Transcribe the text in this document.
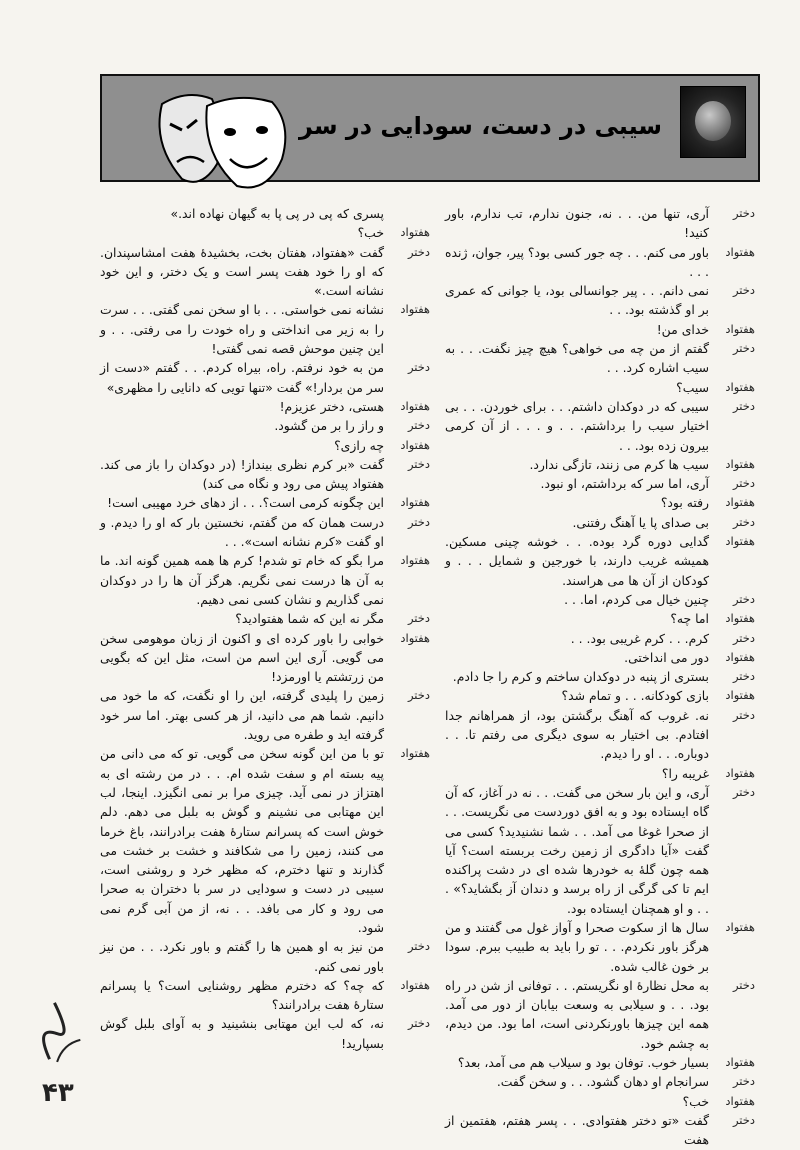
سیبی در دست، سودایی در سر
دختر
آری، تنها من. . . نه، جنون ندارم، تب ندارم، باور کنید!
هفتواد
باور می کنم. . . چه جور کسی بود؟ پیر، جوان، ژنده . . .
دختر
نمی دانم. . . پیر جوانسالی بود، یا جوانی که عمری بر او گذشته بود. . .
هفتواد
خدای من!
دختر
گفتم از من چه می خواهی؟ هیچ چیز نگفت. . . به سیب اشاره کرد. . .
هفتواد
سیب؟
دختر
سیبی که در دوکدان داشتم. . . برای خوردن. . . بی اختیار سیب را برداشتم. . . و . . . از آن کرمی بیرون زده بود. . .
هفتواد
سیب ها کرم می زنند، تازگی ندارد.
دختر
آری، اما سر که برداشتم، او نبود.
هفتواد
رفته بود؟
دختر
بی صدای پا یا آهنگ رفتنی.
هفتواد
گدایی دوره گرد بوده. . . خوشه چینی مسکین. همیشه غریب دارند، با خورجین و شمایل . . . و کودکان از آن ها می هراسند.
دختر
چنین خیال می کردم، اما. . .
هفتواد
اما چه؟
دختر
کرم. . . کرم غریبی بود. . .
هفتواد
دور می انداختی.
دختر
بستری از پنبه در دوکدان ساختم و کرم را جا دادم.
هفتواد
بازی کودکانه. . . و تمام شد؟
دختر
نه. غروب که آهنگ برگشتن بود، از همراهانم جدا افتادم. بی اختیار به سوی دیگری می رفتم تا. . . دوباره. . . او را دیدم.
هفتواد
غریبه را؟
دختر
آری، و این بار سخن می گفت. . . نه در آغاز، که آن گاه ایستاده بود و به افق دوردست می نگریست. . . از صحرا غوغا می آمد. . . شما نشنیدید؟ کسی می گفت «آیا دادگری از زمین رخت بربسته است؟ آیا همه چون گلهٔ به خودرها شده ای در دشت پراکنده ایم تا کی گرگی از راه برسد و دندان آز بگشاید؟» . . . و او همچنان ایستاده بود.
هفتواد
سال ها از سکوت صحرا و آواز غول می گفتند و من هرگز باور نکردم. . . تو را باید به طبیب ببرم. سودا بر خون غالب شده.
دختر
به محل نظارهٔ او نگریستم. . . توفانی از شن در راه بود. . . و سیلابی به وسعت بیابان از دور می آمد. همه این چیزها باورنکردنی است، اما بود. من دیدم، به چشم خود.
هفتواد
بسیار خوب. توفان بود و سیلاب هم می آمد، بعد؟
دختر
سرانجام او دهان گشود. . . و سخن گفت.
هفتواد
خب؟
دختر
گفت «تو دختر هفتوادی. . . پسر هفتم، هفتمین از هفت
پسری که پی در پی پا به گیهان نهاده اند.»
هفتواد
خب؟
دختر
گفت «هفتواد، هفتان بخت، بخشیدهٔ هفت امشاسپندان. که او را خود هفت پسر است و یک دختر، و این خود نشانه است.»
هفتواد
نشانه نمی خواستی. . . با او سخن نمی گفتی. . . سرت را به زیر می انداختی و راه خودت را می رفتی. . . و این چنین موحش قصه نمی گفتی!
دختر
من به خود نرفتم. راه، بیراه کردم. . . گفتم «دست از سر من بردار!» گفت «تنها تویی که دانایی را مظهری»
هفتواد
هستی، دختر عزیزم!
دختر
و راز را بر من گشود.
هفتواد
چه رازی؟
دختر
گفت «بر کرم نظری بینداز! (در دوکدان را باز می کند. هفتواد پیش می رود و نگاه می کند)
هفتواد
این چگونه کرمی است؟. . . از دهای خرد مهیبی است!
دختر
درست همان که من گفتم، نخستین بار که او را دیدم. و او گفت «کرم نشانه است». . .
هفتواد
مرا بگو که خام تو شدم! کرم ها همه همین گونه اند. ما به آن ها درست نمی نگریم. هرگز آن ها را در دوکدان نمی گذاریم و نشان کسی نمی دهیم.
دختر
مگر نه این که شما هفتوادید؟
هفتواد
خوابی را باور کرده ای و اکنون از زبان موهومی سخن می گویی. آری این اسم من است، مثل این که بگویی من زرتشتم یا اورمزد!
دختر
زمین را پلیدی گرفته، این را او نگفت، که ما خود می دانیم. شما هم می دانید، از هر کسی بهتر. اما سر خود گرفته اید و طفره می روید.
هفتواد
تو با من این گونه سخن می گویی. تو که می دانی من پیه بسته ام و سفت شده ام. . . در من رشته ای به اهتزاز در نمی آید. چیزی مرا بر نمی انگیزد. اینجا، لب این مهتابی می نشینم و گوش به بلبل می دهم. دلم خوش است که پسرانم ستارهٔ هفت برادرانند، باغ خرما می کنند، زمین را می شکافند و خشت بر خشت می گذارند و تنها دخترم، که مظهر خرد و روشنی است، سیبی در دست و سودایی در سر با دختران به صحرا می رود و کار می بافد. . . نه، از من آبی گرم نمی شود.
دختر
من نیز به او همین ها را گفتم و باور نکرد. . . من نیز باور نمی کنم.
هفتواد
که چه؟ که دخترم مظهر روشنایی است؟ یا پسرانم ستارهٔ هفت برادرانند؟
دختر
نه، که لب این مهتابی بنشینید و به آوای بلبل گوش بسپارید!
۴۳
